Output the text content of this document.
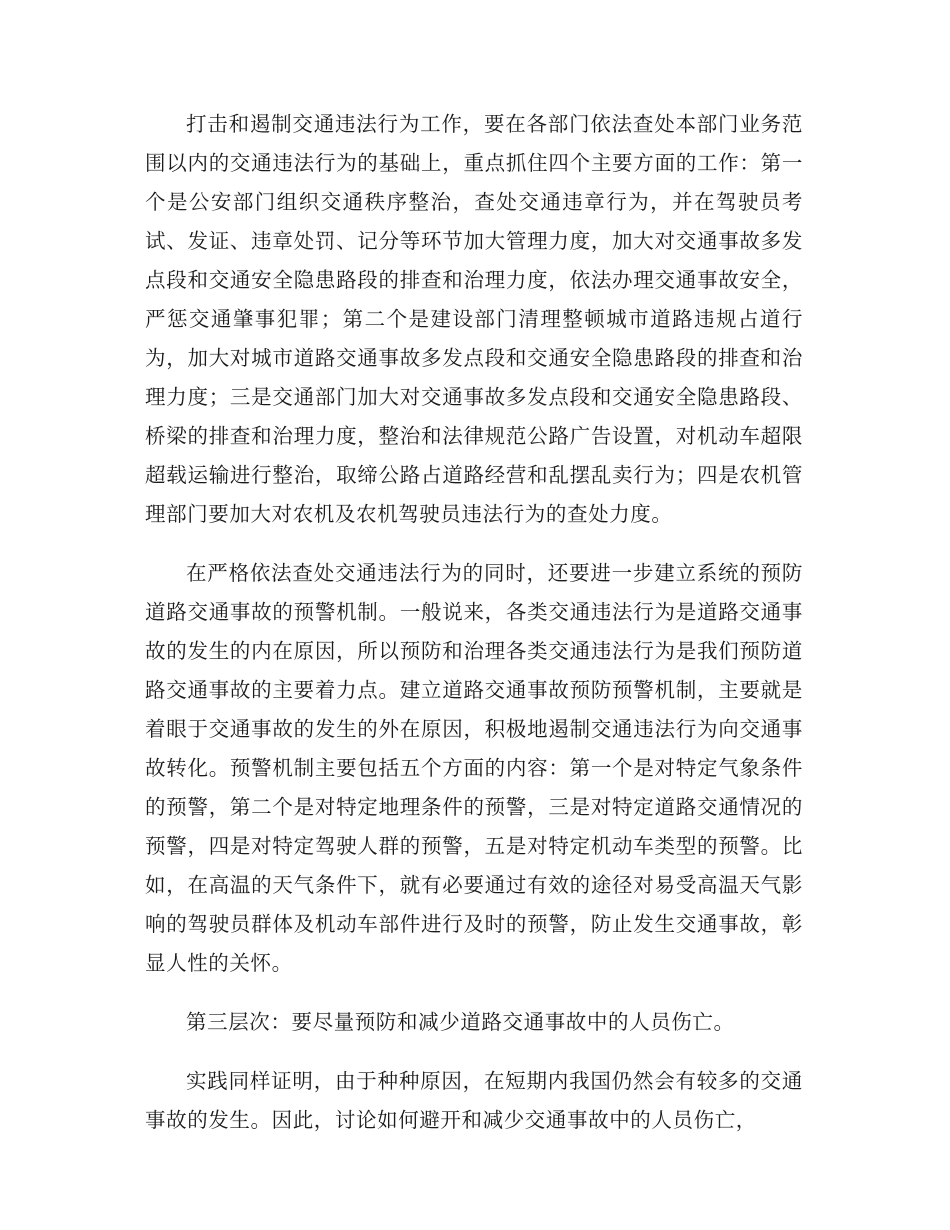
打击和遏制交通违法行为工作，要在各部门依法查处本部门业务范围以内的交通违法行为的基础上，重点抓住四个主要方面的工作：第一个是公安部门组织交通秩序整治，查处交通违章行为，并在驾驶员考试、发证、违章处罚、记分等环节加大管理力度，加大对交通事故多发点段和交通安全隐患路段的排查和治理力度，依法办理交通事故安全，严惩交通肇事犯罪；第二个是建设部门清理整顿城市道路违规占道行为，加大对城市道路交通事故多发点段和交通安全隐患路段的排查和治理力度；三是交通部门加大对交通事故多发点段和交通安全隐患路段、桥梁的排查和治理力度，整治和法律规范公路广告设置，对机动车超限超载运输进行整治，取缔公路占道路经营和乱摆乱卖行为；四是农机管理部门要加大对农机及农机驾驶员违法行为的查处力度。

在严格依法查处交通违法行为的同时，还要进一步建立系统的预防道路交通事故的预警机制。一般说来，各类交通违法行为是道路交通事故的发生的内在原因，所以预防和治理各类交通违法行为是我们预防道路交通事故的主要着力点。建立道路交通事故预防预警机制，主要就是着眼于交通事故的发生的外在原因，积极地遏制交通违法行为向交通事故转化。预警机制主要包括五个方面的内容：第一个是对特定气象条件的预警，第二个是对特定地理条件的预警，三是对特定道路交通情况的预警，四是对特定驾驶人群的预警，五是对特定机动车类型的预警。比如，在高温的天气条件下，就有必要通过有效的途径对易受高温天气影响的驾驶员群体及机动车部件进行及时的预警，防止发生交通事故，彰显人性的关怀。

第三层次：要尽量预防和减少道路交通事故中的人员伤亡。

实践同样证明，由于种种原因，在短期内我国仍然会有较多的交通事故的发生。因此，讨论如何避开和减少交通事故中的人员伤亡，
